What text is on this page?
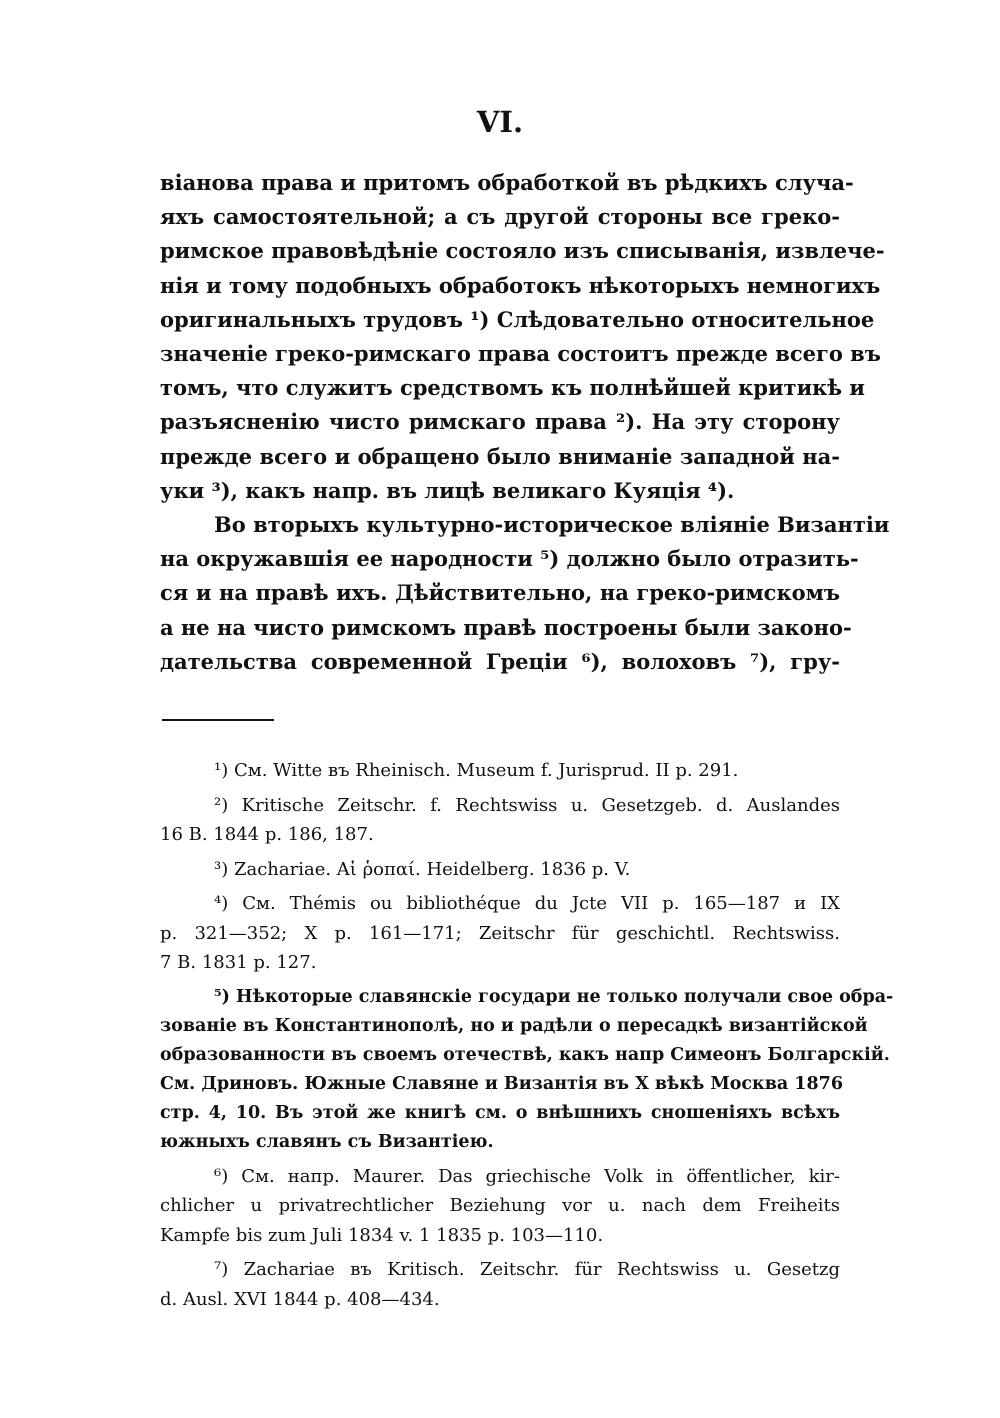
VI.
віанова права и притомъ обработкой въ рѣдкихъ случа-
яхъ самостоятельной; а съ другой стороны все греко-
римское правовѣдѣніе состояло изъ списыванія, извлече-
нія и тому подобныхъ обработокъ нѣкоторыхъ немногихъ
оригинальныхъ трудовъ ¹) Слѣдовательно относительное
значеніе греко-римскаго права состоитъ прежде всего въ
томъ, что служитъ средствомъ къ полнѣйшей критикѣ и
разъясненію чисто римскаго права ²). На эту сторону
прежде всего и обращено было вниманіе западной на-
уки ³), какъ напр. въ лицѣ великаго Куяція ⁴).
Во вторыхъ культурно-историческое вліяніе Византіи
на окружавшія ее народности ⁵) должно было отразить-
ся и на правѣ ихъ. Дѣйствительно, на греко-римскомъ
а не на чисто римскомъ правѣ построены были законо-
дательства современной Греціи ⁶), волоховъ ⁷), гру-
¹) См. Witte въ Rheinisch. Museum f. Jurisprud. II p. 291.
²) Kritische Zeitschr. f. Rechtswiss u. Gesetzgeb. d. Auslandes
16 B. 1844 p. 186, 187.
³) Zachariae. Αἱ ῥοπαί. Heidelberg. 1836 p. V.
⁴) См. Thémis ou bibliothéque du Jcte VII p. 165—187 и IX
p. 321—352; X p. 161—171; Zeitschr für geschichtl. Rechtswiss.
7 B. 1831 p. 127.
⁵) Нѣкоторые славянскіе государи не только получали свое обра-
зованіе въ Константинополѣ, но и радѣли о пересадкѣ византійской
образованности въ своемъ отечествѣ, какъ напр Симеонъ Болгарскій.
См. Дриновъ. Южные Славяне и Византія въ X вѣкѣ Москва 1876
стр. 4, 10. Въ этой же книгѣ см. о внѣшнихъ сношеніяхъ всѣхъ
южныхъ славянъ съ Византіею.
⁶) См. напр. Maurer. Das griechische Volk in öffentlicher, kir-
chlicher u privatrechtlicher Beziehung vor u. nach dem Freiheits
Kampfe bis zum Juli 1834 v. 1 1835 p. 103—110.
⁷) Zachariae въ Kritisch. Zeitschr. für Rechtswiss u. Gesetzg
d. Ausl. XVI 1844 p. 408—434.
